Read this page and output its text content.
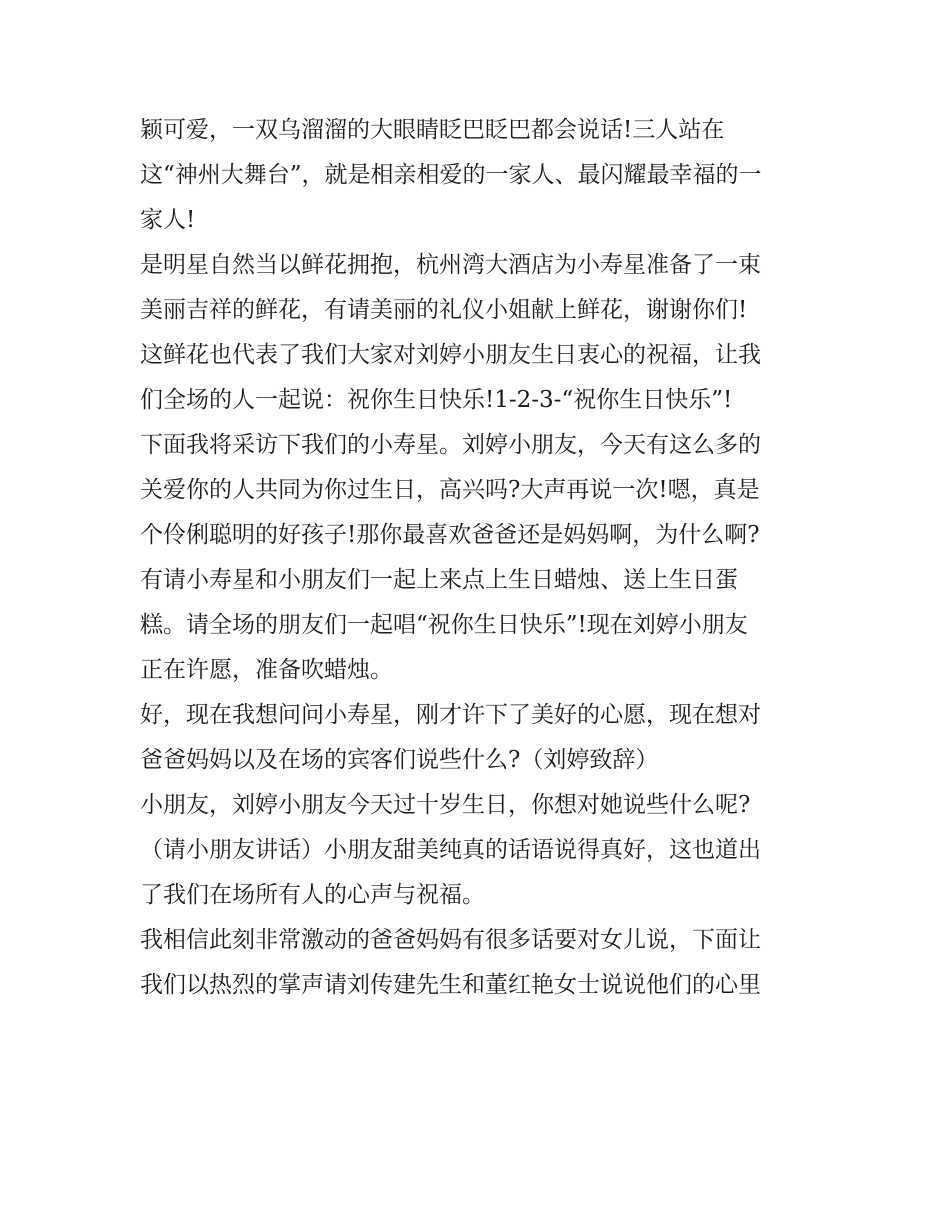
颖可爱，一双乌溜溜的大眼睛眨巴眨巴都会说话!三人站在
这“神州大舞台”，就是相亲相爱的一家人、最闪耀最幸福的一
家人!
是明星自然当以鲜花拥抱，杭州湾大酒店为小寿星准备了一束
美丽吉祥的鲜花，有请美丽的礼仪小姐献上鲜花，谢谢你们!
这鲜花也代表了我们大家对刘婷小朋友生日衷心的祝福，让我
们全场的人一起说：祝你生日快乐!1-2-3-“祝你生日快乐”!
下面我将采访下我们的小寿星。刘婷小朋友，今天有这么多的
关爱你的人共同为你过生日，高兴吗?大声再说一次!嗯，真是
个伶俐聪明的好孩子!那你最喜欢爸爸还是妈妈啊，为什么啊?
有请小寿星和小朋友们一起上来点上生日蜡烛、送上生日蛋
糕。请全场的朋友们一起唱“祝你生日快乐”!现在刘婷小朋友
正在许愿，准备吹蜡烛。
好，现在我想问问小寿星，刚才许下了美好的心愿，现在想对
爸爸妈妈以及在场的宾客们说些什么?（刘婷致辞）
小朋友，刘婷小朋友今天过十岁生日，你想对她说些什么呢?
（请小朋友讲话）小朋友甜美纯真的话语说得真好，这也道出
了我们在场所有人的心声与祝福。
我相信此刻非常激动的爸爸妈妈有很多话要对女儿说，下面让
我们以热烈的掌声请刘传建先生和董红艳女士说说他们的心里
